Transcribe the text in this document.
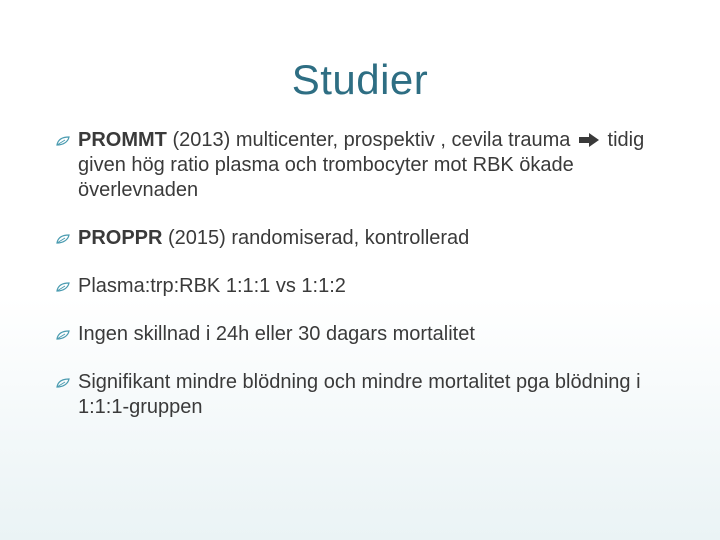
Studier
PROMMT (2013) multicenter, prospektiv , cevila trauma  tidig given hög ratio plasma och trombocyter mot RBK ökade överlevnaden
PROPPR (2015) randomiserad, kontrollerad
Plasma:trp:RBK 1:1:1 vs 1:1:2
Ingen skillnad i 24h eller 30 dagars mortalitet
Signifikant mindre blödning och mindre mortalitet pga blödning i 1:1:1-gruppen
